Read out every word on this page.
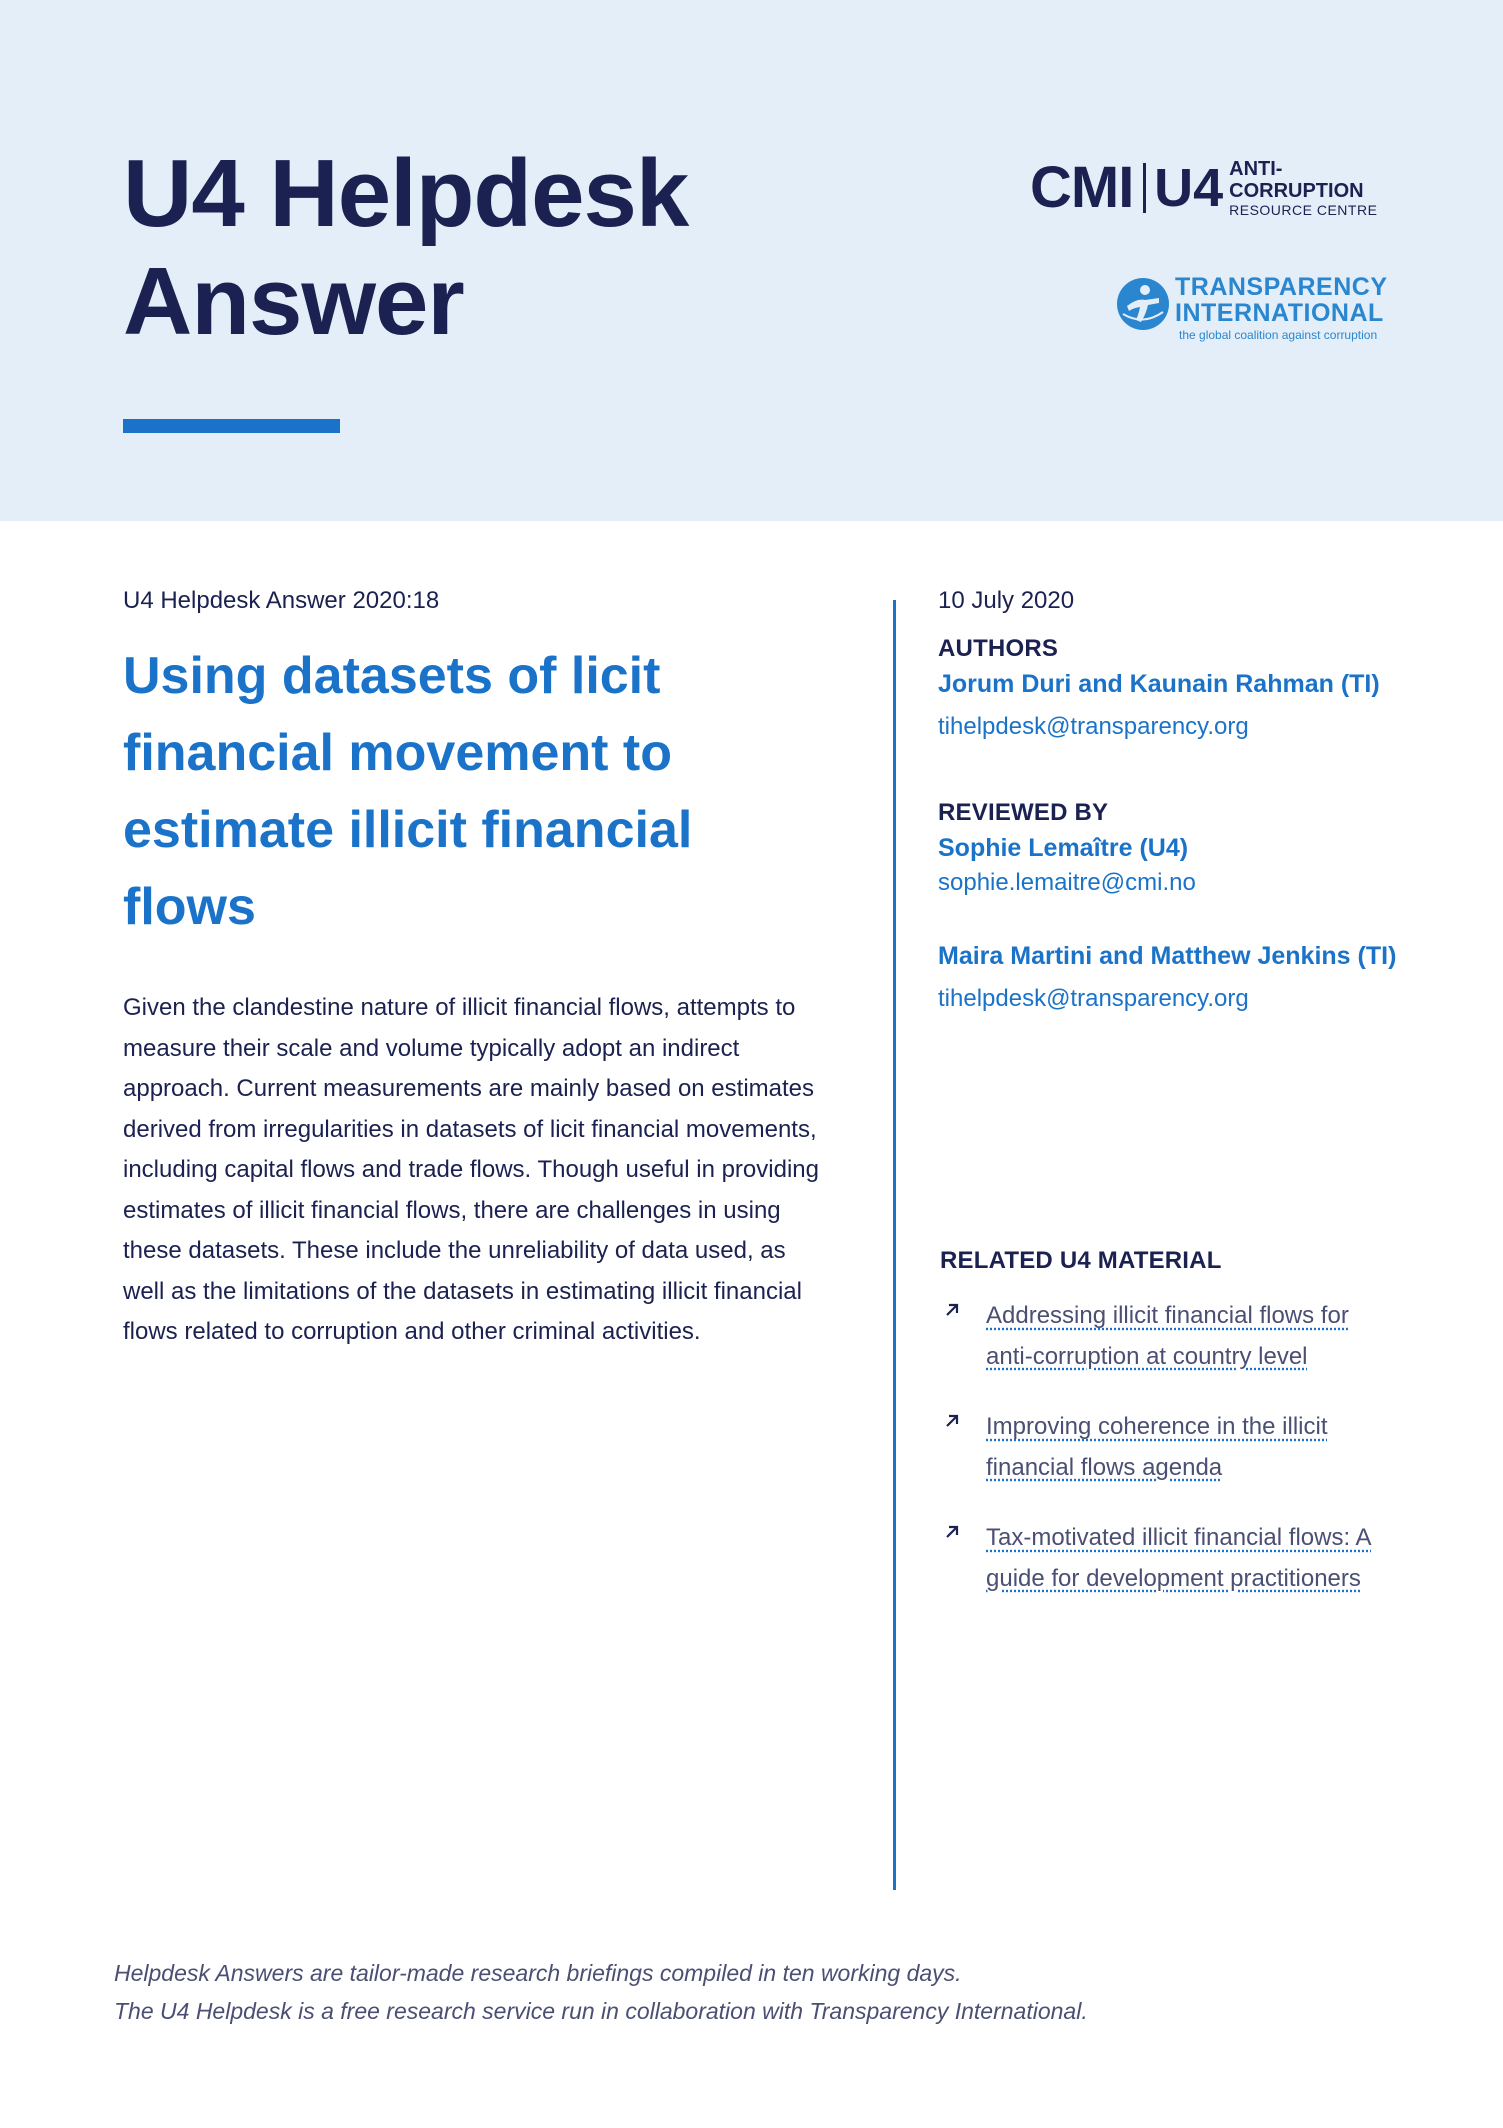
U4 Helpdesk
Answer
CMI U4 ANTI-CORRUPTION
RESOURCE CENTRE
TRANSPARENCY
INTERNATIONAL
the global coalition against corruption

U4 Helpdesk Answer 2020:18

Using datasets of licit financial movement to estimate illicit financial flows

Given the clandestine nature of illicit financial flows, attempts to measure their scale and volume typically adopt an indirect approach. Current measurements are mainly based on estimates derived from irregularities in datasets of licit financial movements, including capital flows and trade flows. Though useful in providing estimates of illicit financial flows, there are challenges in using these datasets. These include the unreliability of data used, as well as the limitations of the datasets in estimating illicit financial flows related to corruption and other criminal activities.

10 July 2020

AUTHORS

Jorum Duri and Kaunain Rahman (TI)

tihelpdesk@transparency.org

REVIEWED BY

Sophie Lemaître (U4)

sophie.lemaitre@cmi.no

Maira Martini and Matthew Jenkins (TI)

tihelpdesk@transparency.org

RELATED U4 MATERIAL

Addressing illicit financial flows for anti-corruption at country level
Improving coherence in the illicit financial flows agenda
Tax-motivated illicit financial flows: A guide for development practitioners

Helpdesk Answers are tailor-made research briefings compiled in ten working days.

The U4 Helpdesk is a free research service run in collaboration with Transparency International.
